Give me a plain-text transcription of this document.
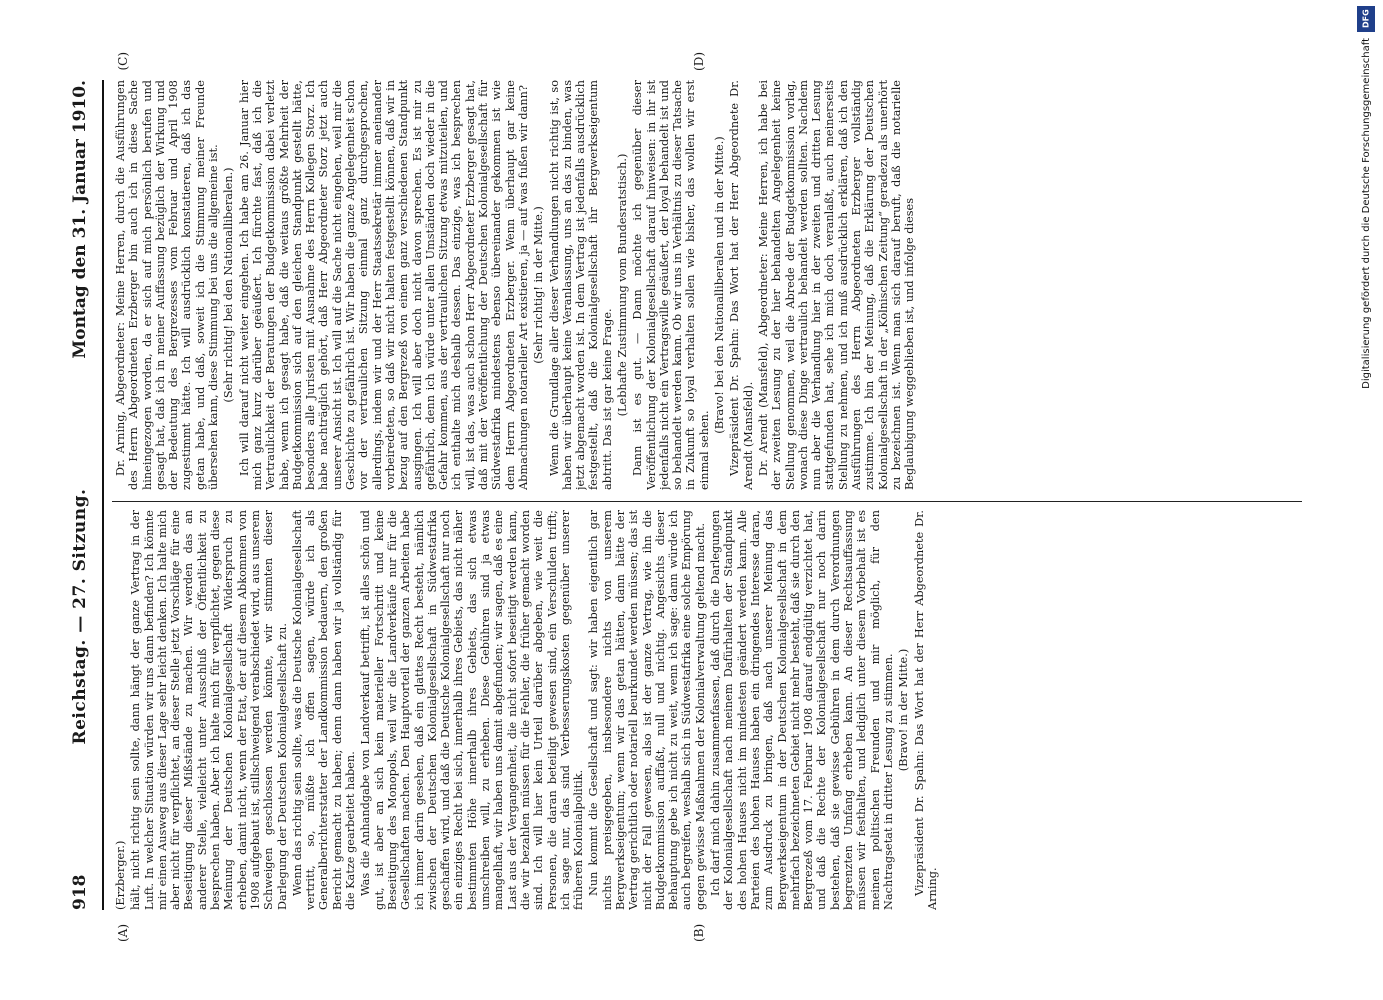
918
Reichstag. — 27. Sitzung.
Montag den 31. Januar 1910.
(A)	(B)
(C)	(D)

(Erzberger.) hält, nicht richtig sein sollte, dann hängt der ganze Vertrag in der Luft. In welcher Situation würden wir uns dann befinden? Ich könnte mir einen Ausweg aus dieser Lage sehr leicht denken. Ich halte mich aber nicht für verpflichtet, an dieser Stelle jetzt Vorschläge für eine Beseitigung dieser Mißstände zu machen. Wir werden das an anderer Stelle, vielleicht unter Ausschluß der Öffentlichkeit zu besprechen haben. Aber ich halte mich für verpflichtet, gegen diese Meinung der Deutschen Kolonialgesellschaft Widerspruch zu erheben, damit nicht, wenn der Etat, der auf diesem Abkommen von 1908 aufgebaut ist, stillschweigend verabschiedet wird, aus unserem Schweigen geschlossen werden könnte, wir stimmten dieser Darlegung der Deutschen Kolonialgesellschaft zu. Wenn das richtig sein sollte, was die Deutsche Kolonialgesellschaft vertritt, so, müßte ich offen sagen, würde ich als Generalberichterstatter der Landkommission bedauern, den großen Bericht gemacht zu haben; denn dann haben wir ja vollständig für die Katze gearbeitet haben. Was die Anhandgabe von Landverkauf betrifft, ist alles schön und gut, ist aber an sich kein materieller Fortschritt und keine Beseitigung des Monopols, weil wir die Landverkäufe nur für die Gesellschaften machen. Den Hauptvorteil der ganzen Arbeiten habe ich immer darin gesehen, daß ein glattes Recht besteht, nämlich zwischen der Deutschen Kolonialgesellschaft in Südwestafrika geschaffen wird, und daß die Deutsche Kolonialgesellschaft nur noch ein einziges Recht bei sich, innerhalb ihres Gebiets, das nicht näher bestimmten Höhe innerhalb ihres Gebiets, das sich etwas umschreiben will, zu erheben. Diese Gebühren sind ja etwas mangelhaft, wir haben uns damit abgefunden; wir sagen, daß es eine Last aus der Vergangenheit, die nicht sofort beseitigt werden kann, die wir bezahlen müssen für die Fehler, die früher gemacht worden sind. Ich will hier kein Urteil darüber abgeben, wie weit die Personen, die daran beteiligt gewesen sind, ein Verschulden trifft; ich sage nur, das sind Verbesserungskosten gegenüber unserer früheren Kolonialpolitik. Nun kommt die Gesellschaft und sagt: wir haben eigentlich gar nichts preisgegeben, insbesondere nichts von unserem Bergwerkseigentum; wenn wir das getan hätten, dann hätte der Vertrag gerichtlich oder notariell beurkundet werden müssen; das ist nicht der Fall gewesen, also ist der ganze Vertrag, wie ihn die Budgetkommission auffaßt, null und nichtig. Angesichts dieser Behauptung gebe ich nicht zu weit, wenn ich sage: dann würde ich auch begreifen, weshalb sich in Südwestafrika eine solche Empörung gegen gewisse Maßnahmen der Kolonialverwaltung geltend macht. Ich darf mich dahin zusammenfassen, daß durch die Darlegungen der Kolonialgesellschaft nach meinem Dafürhalten der Standpunkt des hohen Hauses nicht im mindesten geändert werden kann. Alle Parteien des hohen Hauses haben ein dringendes Interesse daran, zum Ausdruck zu bringen, daß nach unserer Meinung das Bergwerkseigentum in der Deutschen Kolonialgesellschaft in dem mehrfach bezeichneten Gebiet nicht mehr besteht, daß sie durch den Bergrezeß vom 17. Februar 1908 darauf endgültig verzichtet hat, und daß die Rechte der Kolonialgesellschaft nur noch darin bestehen, daß sie gewisse Gebühren in dem durch Verordnungen begrenzten Umfang erheben kann. An dieser Rechtsauffassung müssen wir festhalten, und lediglich unter diesem Vorbehalt ist es meinen politischen Freunden und mir möglich, für den Nachtragsetat in dritter Lesung zu stimmen. (Bravo! in der Mitte.) Vizepräsident Dr. Spahn: Das Wort hat der Herr Abgeordnete Dr. Arning.

Dr. Arning, Abgeordneter: Meine Herren, durch die Ausführungen des Herrn Abgeordneten Erzberger bin auch ich in diese Sache hineingezogen worden, da er sich auf mich persönlich berufen und gesagt hat, daß ich in meiner Auffassung bezüglich der Wirkung und der Bedeutung des Bergrezesses vom Februar und April 1908 zugestimmt hätte. Ich will ausdrücklich konstatieren, daß ich das getan habe, und daß, soweit ich die Stimmung meiner Freunde übersehen kann, diese Stimmung bei uns die allgemeine ist. (Sehr richtig! bei den Nationalliberalen.) Ich will darauf nicht weiter eingehen. Ich habe am 26. Januar hier mich ganz kurz darüber geäußert. Ich fürchte fast, daß ich die Vertraulichkeit der Beratungen der Budgetkommission dabei verletzt habe, wenn ich gesagt habe, daß die weitaus größte Mehrheit der Budgetkommission sich auf den gleichen Standpunkt gestellt hätte, besonders alle Juristen mit Ausnahme des Herrn Kollegen Storz. Ich habe nachträglich gehört, daß Herr Abgeordneter Storz jetzt auch unserer Ansicht ist. Ich will auf die Sache nicht eingehen, weil mir die Geschichte zu gefährlich ist. Wir haben die ganze Angelegenheit schon vor der vertraulichen Sitzung einmal ganz durchgesprochen, allerdings, indem wir und der Herr Staatssekretär immer aneinander vorbeiredeten, so daß wir nicht halten festgestellt können, daß wir in bezug auf den Bergrezeß von einem ganz verschiedenen Standpunkt ausgingen. Ich will aber doch nicht davon sprechen. Es ist mir zu gefährlich, denn ich würde unter allen Umständen doch wieder in die Gefahr kommen, aus der vertraulichen Sitzung etwas mitzuteilen, und ich enthalte mich deshalb dessen. Das einzige, was ich besprechen will, ist das, was auch schon Herr Abgeordneter Erzberger gesagt hat, daß mit der Veröffentlichung der Deutschen Kolonialgesellschaft für Südwestafrika mindestens ebenso übereinander gekommen ist wie dem Herrn Abgeordneten Erzberger. Wenn überhaupt gar keine Abmachungen notarieller Art existieren, ja — auf was fußen wir dann? (Sehr richtig! in der Mitte.) Wenn die Grundlage aller dieser Verhandlungen nicht richtig ist, so haben wir überhaupt keine Veranlassung, uns an das zu binden, was jetzt abgemacht worden ist. In dem Vertrag ist jedenfalls ausdrücklich festgestellt, daß die Kolonialgesellschaft ihr Bergwerkseigentum abtritt. Das ist gar keine Frage. (Lebhafte Zustimmung vom Bundesratstisch.) Dann ist es gut. — Dann möchte ich gegenüber dieser Veröffentlichung der Kolonialgesellschaft darauf hinweisen: in ihr ist jedenfalls nicht ein Vertragswille geäußert, der loyal behandelt ist und so behandelt werden kann. Ob wir uns in Verhältnis zu dieser Tatsache in Zukunft so loyal verhalten sollen wie bisher, das wollen wir erst einmal sehen.

(Bravo! bei den Nationalliberalen und in der Mitte.) Vizepräsident Dr. Spahn: Das Wort hat der Herr Abgeordnete Dr. Arendt (Mansfeld). Dr. Arendt (Mansfeld), Abgeordneter: Meine Herren, ich habe bei der zweiten Lesung zu der hier behandelten Angelegenheit keine Stellung genommen, weil die Abrede der Budgetkommission vorlag, wonach diese Dinge vertraulich behandelt werden sollten. Nachdem nun aber die Verhandlung hier in der zweiten und dritten Lesung stattgefunden hat, sehe ich mich doch veranlaßt, auch meinerseits Stellung zu nehmen, und ich muß ausdrücklich erklären, daß ich den Ausführungen des Herrn Abgeordneten Erzberger vollständig zustimme. Ich bin der Meinung, daß die Erklärung der Deutschen Kolonialgesellschaft in der „Kölnischen Zeitung“ geradezu als unerhört zu bezeichnen ist. Wenn man sich darauf beruft, daß die notarielle Beglaubigung weggeblieben ist, und infolge dieses

DFG
Digitalisierung gefördert durch die Deutsche Forschungsgemeinschaft
